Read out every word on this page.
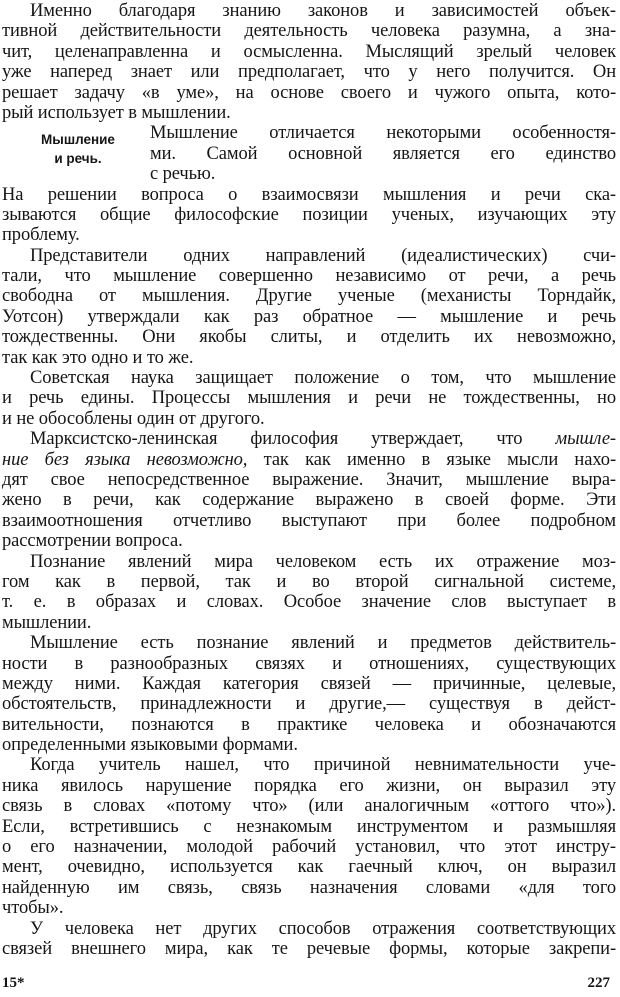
Мышление
и речь.
Именно благодаря знанию законов и зависимостей объек-
тивной действительности деятельность человека разумна, а зна-
чит, целенаправленна и осмысленна. Мыслящий зрелый человек
уже наперед знает или предполагает, что у него получится. Он
решает задачу «в уме», на основе своего и чужого опыта, кото-
рый использует в мышлении.
Мышление отличается некоторыми особенностя-
ми. Самой основной является его единство
с речью.
На решении вопроса о взаимосвязи мышления и речи ска-
зываются общие философские позиции ученых, изучающих эту
проблему.
Представители одних направлений (идеалистических) счи-
тали, что мышление совершенно независимо от речи, а речь
свободна от мышления. Другие ученые (механисты Торндайк,
Уотсон) утверждали как раз обратное — мышление и речь
тождественны. Они якобы слиты, и отделить их невозможно,
так как это одно и то же.
Советская наука защищает положение о том, что мышление
и речь едины. Процессы мышления и речи не тождественны, но
и не обособлены один от другого.
Марксистско-ленинская философия утверждает, что мышле-
ние без языка невозможно, так как именно в языке мысли нахо-
дят свое непосредственное выражение. Значит, мышление выра-
жено в речи, как содержание выражено в своей форме. Эти
взаимоотношения отчетливо выступают при более подробном
рассмотрении вопроса.
Познание явлений мира человеком есть их отражение моз-
гом как в первой, так и во второй сигнальной системе,
т. е. в образах и словах. Особое значение слов выступает в
мышлении.
Мышление есть познание явлений и предметов действитель-
ности в разнообразных связях и отношениях, существующих
между ними. Каждая категория связей — причинные, целевые,
обстоятельств, принадлежности и другие,— существуя в дейст-
вительности, познаются в практике человека и обозначаются
определенными языковыми формами.
Когда учитель нашел, что причиной невнимательности уче-
ника явилось нарушение порядка его жизни, он выразил эту
связь в словах «потому что» (или аналогичным «оттого что»).
Если, встретившись с незнакомым инструментом и размышляя
о его назначении, молодой рабочий установил, что этот инстру-
мент, очевидно, используется как гаечный ключ, он выразил
найденную им связь, связь назначения словами «для того
чтобы».
У человека нет других способов отражения соответствующих
связей внешнего мира, как те речевые формы, которые закрепи-
15*	227
